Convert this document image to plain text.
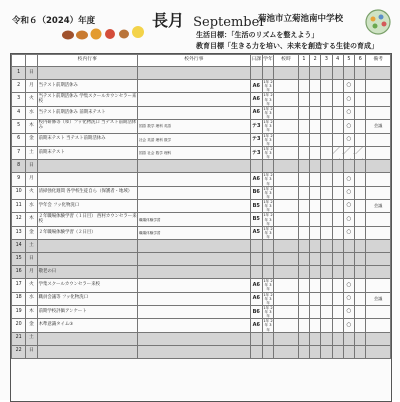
令和６（2024）年度	長月 September
菊池市立菊池南中学校
生活目標：「生活のリズムを整えよう」
教育目標「生きる力を培い、未来を創造する生徒の育成」
		校内行事	校外行事	日課	学年	校時	1	2	3	4	5	6	備考
1	日												
2	月	当テスト前期活休み		A6	1年 2年 3年						○		
3	火	当テスト前期活休み 学集スクールカウンセラー来校		A6	1年 2年 3年						○		
4	水	当テスト前期活休み 前期末テスト		A6	1年 2年 3年						○		
5	木	校内研修等（ゆ）フッ化物洗口 当テスト前期活休み	国語 数学 理科 英語	テ3	1年 2年 3年						○		会議
6	金	前期末テスト 当テスト前期活休み	社会 英語 理科 数学	テ3	1年 2年 3年						○		
7	土	前期末テスト	国語 社会 数学 理科	テ3	1年 2年 3年								
8	日												
9	月			A6	1年 2年 3年						○		
10	火	清掃強化週間 各学校生徒自ら（保護者・地域）		B6	1年 2年 3年						○		
11	水	学年会 フッ化物洗口		B5	1年 2年 3年						○		会議
12	木	２年職場体験学習（１日目） 西村カウンセラー来校	職場体験学習	B5	1年 2年 3年						○		
13	金	２年職場体験学習（２日目）	職場体験学習	A5	1年 2年 3年						○		
14	土												
15	日												
16	月	敬老の日											
17	火	学集スクールカウンセラー来校		A6	1年 2年 3年						○		
18	水	職員会議等 フッ化物洗口		A6	1年 2年 3年						○		会議
19	木	前期学校評価アンケート		B6	1年 2年 3年						○		
20	金	木準意識タイム③		A6	1年 2年 3年						○		
21	土												
22	日												
